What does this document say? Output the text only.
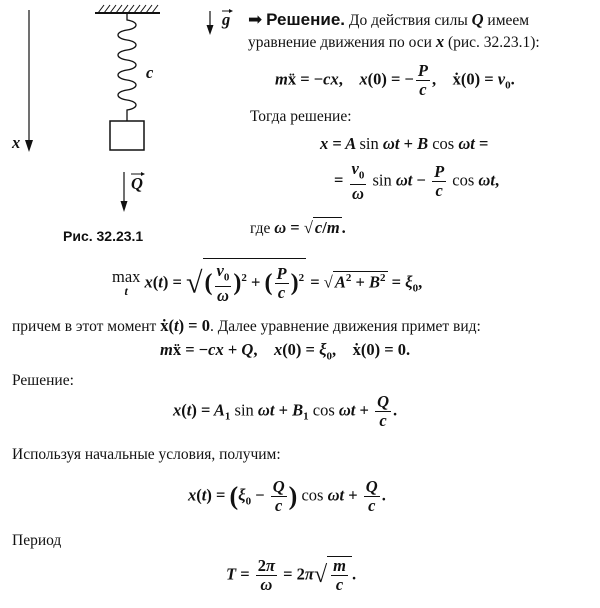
g
c
x
Q
Рис. 32.23.1
➡ Решение. До действия силы Q имеем
уравнение движения по оси x (рис. 32.23.1):
mẍ = −cx,    x(0) = − $\frac{P}{c}$ , ẋ(0) = $v_0$.
Тогда решение:
x = A sin ωt + B cos ωt =
= $\frac{v_0}{\omega}$ $\sin \omega t - \frac{P}{c}$ cos ωt,
где ω = √ c/m .
max
t x(t) = √( $\frac{v_0}{\omega} )^2$ + ( $\frac{P}{c} )^2$ = √ $A^2 + B^2 = \xi_0$,
причем в этот момент ẋ(t) = 0. Далее уравнение движения примет вид:
mẍ = −cx + Q,    $x(0) = \xi_0$, ẋ(0) = 0.
Решение:
$x(t) = A_1$ $\sin \omega t + B_1$ $\cos \omega t + \frac{Q}{c}$ .
Используя начальные условия, получим:
$x(t) = (\xi_0 - \frac{Q}{c}$ ) $\cos \omega t + \frac{Q}{c}$ .
Период
$T = \frac{2\pi}{\omega} = 2\pi√ \frac{m}{c}$ .
